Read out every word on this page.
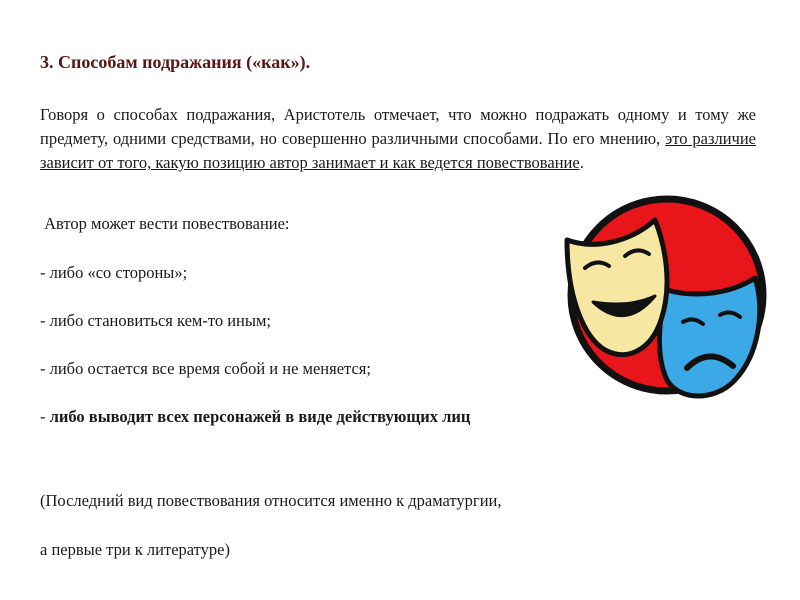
3. Способам подражания («как»).

Говоря о способах подражания, Аристотель отмечает, что можно подражать одному и тому же предмету, одними средствами, но совершенно различными способами. По его мнению, это различие зависит от того, какую позицию автор занимает и как ведется повествование.

Автор может вести повествование:

- либо «со стороны»;

- либо становиться кем-то иным;

- либо остается все время собой и не меняется;

- либо выводит всех персонажей в виде действующих лиц

(Последний вид повествования относится именно к драматургии,

а первые три к литературе)
